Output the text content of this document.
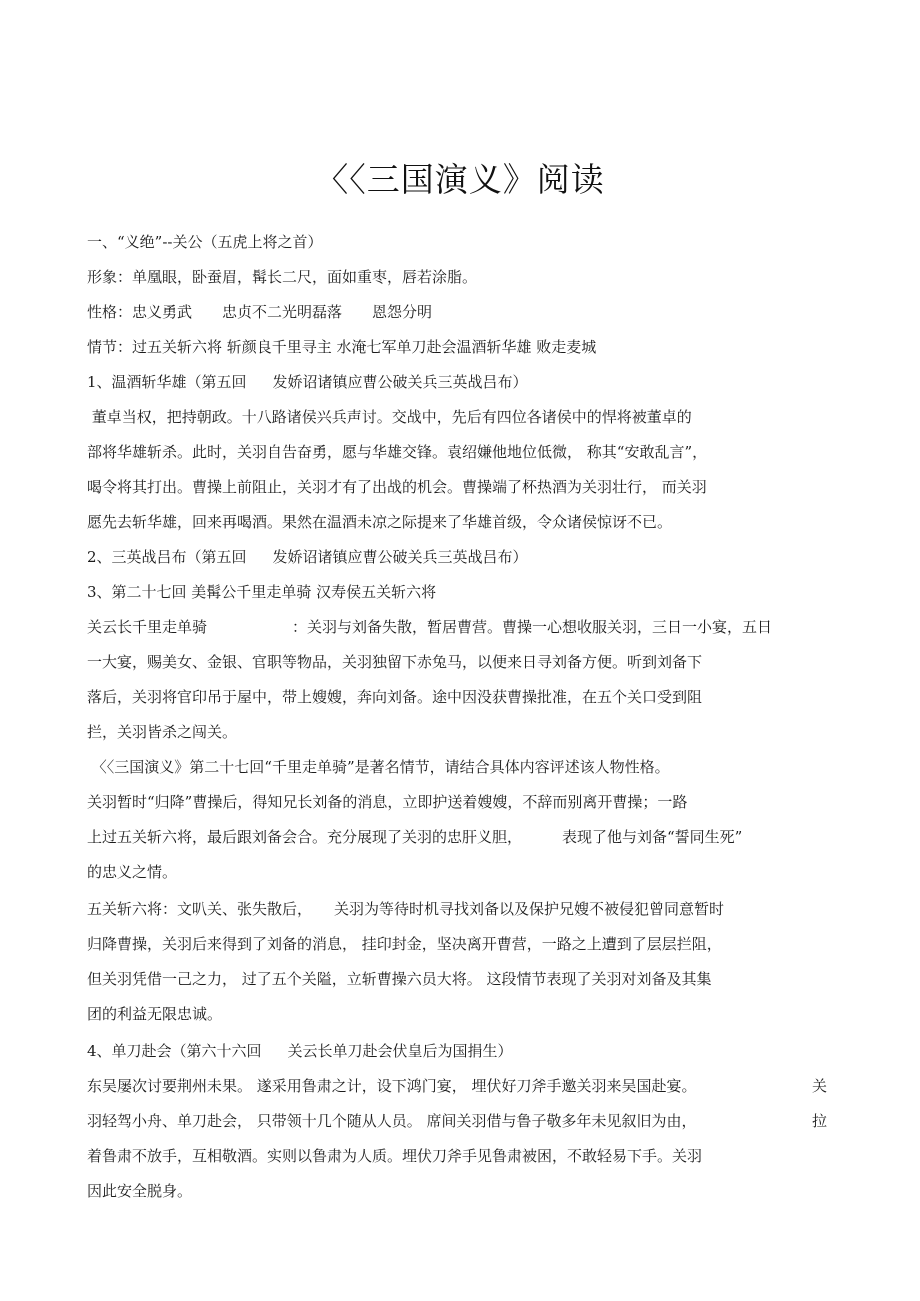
〈〈三国演义》阅读
一、“义绝”--关公（五虎上将之首）
形象：单凰眼，卧蚕眉，髯长二尺，面如重枣，唇若涂脂。
性格：忠义勇武 忠贞不二光明磊落 恩怨分明
情节：过五关斩六将 斩颜良千里寻主 水淹七军单刀赴会温酒斩华雄 败走麦城
1、温酒斩华雄（第五回 发娇诏诸镇应曹公破关兵三英战吕布）
董卓当权，把持朝政。十八路诸侯兴兵声讨。交战中，先后有四位各诸侯中的悍将被董卓的
部将华雄斩杀。此时，关羽自告奋勇，愿与华雄交锋。袁绍嫌他地位低微， 称其“安敢乱言”，
喝令将其打出。曹操上前阻止，关羽才有了出战的机会。曹操端了杯热酒为关羽壮行， 而关羽
愿先去斩华雄，回来再喝酒。果然在温酒未凉之际提来了华雄首级，令众诸侯惊讶不已。
2、三英战吕布（第五回 发娇诏诸镇应曹公破关兵三英战吕布）
3、第二十七回 美髯公千里走单骑 汉寿侯五关斩六将
关云长千里走单骑	：关羽与刘备失散，暂居曹营。曹操一心想收服关羽，三日一小宴，五日
一大宴，赐美女、金银、官职等物品，关羽独留下赤兔马，以便来日寻刘备方便。听到刘备下
落后，关羽将官印吊于屋中，带上嫂嫂，奔向刘备。途中因没获曹操批准，在五个关口受到阻
拦，关羽皆杀之闯关。
〈〈三国演义》第二十七回“千里走单骑”是著名情节，请结合具体内容评述该人物性格。
关羽暂时“归降”曹操后，得知兄长刘备的消息，立即护送着嫂嫂，不辞而别离开曹操；一路
上过五关斩六将，最后跟刘备会合。充分展现了关羽的忠肝义胆，	表现了他与刘备“誓同生死”
的忠义之情。
五关斩六将：文叭关、张失散后， 关羽为等待时机寻找刘备以及保护兄嫂不被侵犯曾同意暂时
归降曹操，关羽后来得到了刘备的消息， 挂印封金，坚决离开曹营，一路之上遭到了层层拦阻，
但关羽凭借一己之力， 过了五个关隘，立斩曹操六员大将。 这段情节表现了关羽对刘备及其集
团的利益无限忠诚。
4、单刀赴会（第六十六回 关云长单刀赴会伏皇后为国捐生）
东吴屡次讨要荆州未果。 遂采用鲁肃之计，设下鸿门宴， 埋伏好刀斧手邀关羽来吴国赴宴。	关
羽轻驾小舟、单刀赴会， 只带领十几个随从人员。 席间关羽借与鲁子敬多年未见叙旧为由，	拉
着鲁肃不放手，互相敬酒。实则以鲁肃为人质。埋伏刀斧手见鲁肃被困，不敢轻易下手。关羽
因此安全脱身。
